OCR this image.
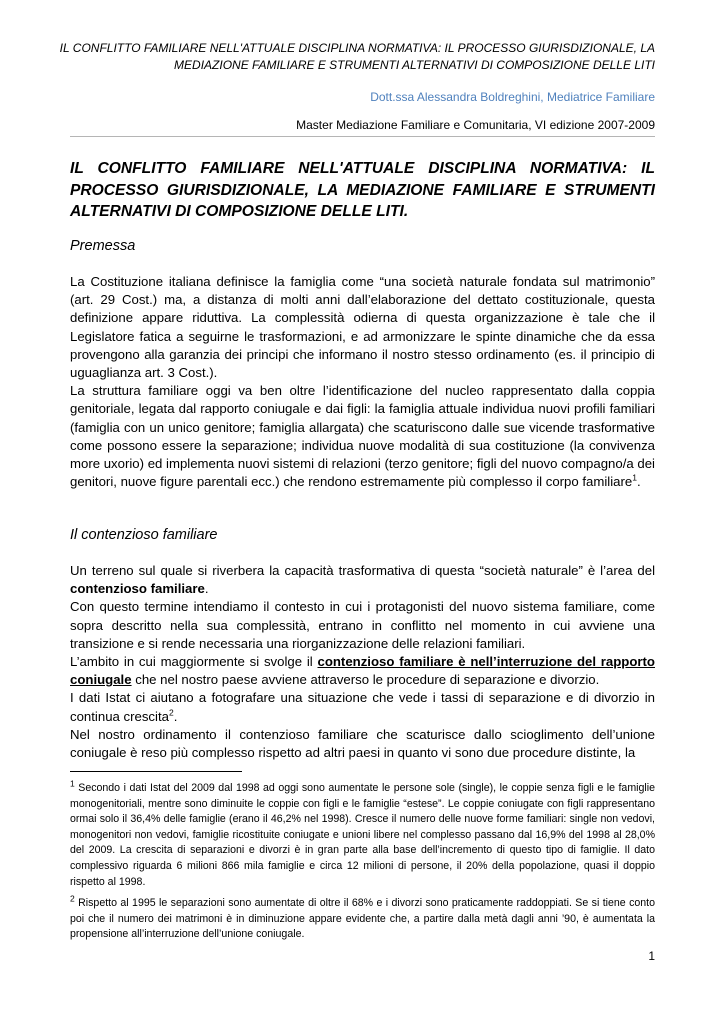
IL CONFLITTO FAMILIARE NELL'ATTUALE DISCIPLINA NORMATIVA: IL PROCESSO GIURISDIZIONALE, LA MEDIAZIONE FAMILIARE E STRUMENTI ALTERNATIVI DI COMPOSIZIONE DELLE LITI
Dott.ssa Alessandra Boldreghini, Mediatrice Familiare
Master Mediazione Familiare e Comunitaria, VI edizione 2007-2009
IL CONFLITTO FAMILIARE NELL'ATTUALE DISCIPLINA NORMATIVA: IL PROCESSO GIURISDIZIONALE, LA MEDIAZIONE FAMILIARE E STRUMENTI ALTERNATIVI DI COMPOSIZIONE DELLE LITI.
Premessa

La Costituzione italiana definisce la famiglia come “una società naturale fondata sul matrimonio” (art. 29 Cost.) ma, a distanza di molti anni dall’elaborazione del dettato costituzionale, questa definizione appare riduttiva. La complessità odierna di questa organizzazione è tale che il Legislatore fatica a seguirne le trasformazioni, e ad armonizzare le spinte dinamiche che da essa provengono alla garanzia dei principi che informano il nostro stesso ordinamento (es. il principio di uguaglianza art. 3 Cost.).

La struttura familiare oggi va ben oltre l’identificazione del nucleo rappresentato dalla coppia genitoriale, legata dal rapporto coniugale e dai figli: la famiglia attuale individua nuovi profili familiari (famiglia con un unico genitore; famiglia allargata) che scaturiscono dalle sue vicende trasformative come possono essere la separazione; individua nuove modalità di sua costituzione (la convivenza more uxorio) ed implementa nuovi sistemi di relazioni (terzo genitore; figli del nuovo compagno/a dei genitori, nuove figure parentali ecc.) che rendono estremamente più complesso il corpo familiare$^1$.

Il contenzioso familiare

Un terreno sul quale si riverbera la capacità trasformativa di questa “società naturale” è l’area del contenzioso familiare.

Con questo termine intendiamo il contesto in cui i protagonisti del nuovo sistema familiare, come sopra descritto nella sua complessità, entrano in conflitto nel momento in cui avviene una transizione e si rende necessaria una riorganizzazione delle relazioni familiari.

L’ambito in cui maggiormente si svolge il contenzioso familiare è nell’interruzione del rapporto coniugale che nel nostro paese avviene attraverso le procedure di separazione e divorzio.

I dati Istat ci aiutano a fotografare una situazione che vede i tassi di separazione e di divorzio in continua crescita$^2$.

Nel nostro ordinamento il contenzioso familiare che scaturisce dallo scioglimento dell’unione coniugale è reso più complesso rispetto ad altri paesi in quanto vi sono due procedure distinte, la

$^1$ Secondo i dati Istat del 2009 dal 1998 ad oggi sono aumentate le persone sole (single), le coppie senza figli e le famiglie monogenitoriali, mentre sono diminuite le coppie con figli e le famiglie “estese”. Le coppie coniugate con figli rappresentano ormai solo il 36,4% delle famiglie (erano il 46,2% nel 1998). Cresce il numero delle nuove forme familiari: single non vedovi, monogenitori non vedovi, famiglie ricostituite coniugate e unioni libere nel complesso passano dal 16,9% del 1998 al 28,0% del 2009. La crescita di separazioni e divorzi è in gran parte alla base dell’incremento di questo tipo di famiglie. Il dato complessivo riguarda 6 milioni 866 mila famiglie e circa 12 milioni di persone, il 20% della popolazione, quasi il doppio rispetto al 1998.

$^2$ Rispetto al 1995 le separazioni sono aumentate di oltre il 68% e i divorzi sono praticamente raddoppiati. Se si tiene conto poi che il numero dei matrimoni è in diminuzione appare evidente che, a partire dalla metà dagli anni ’90, è aumentata la propensione all’interruzione dell’unione coniugale.

1
